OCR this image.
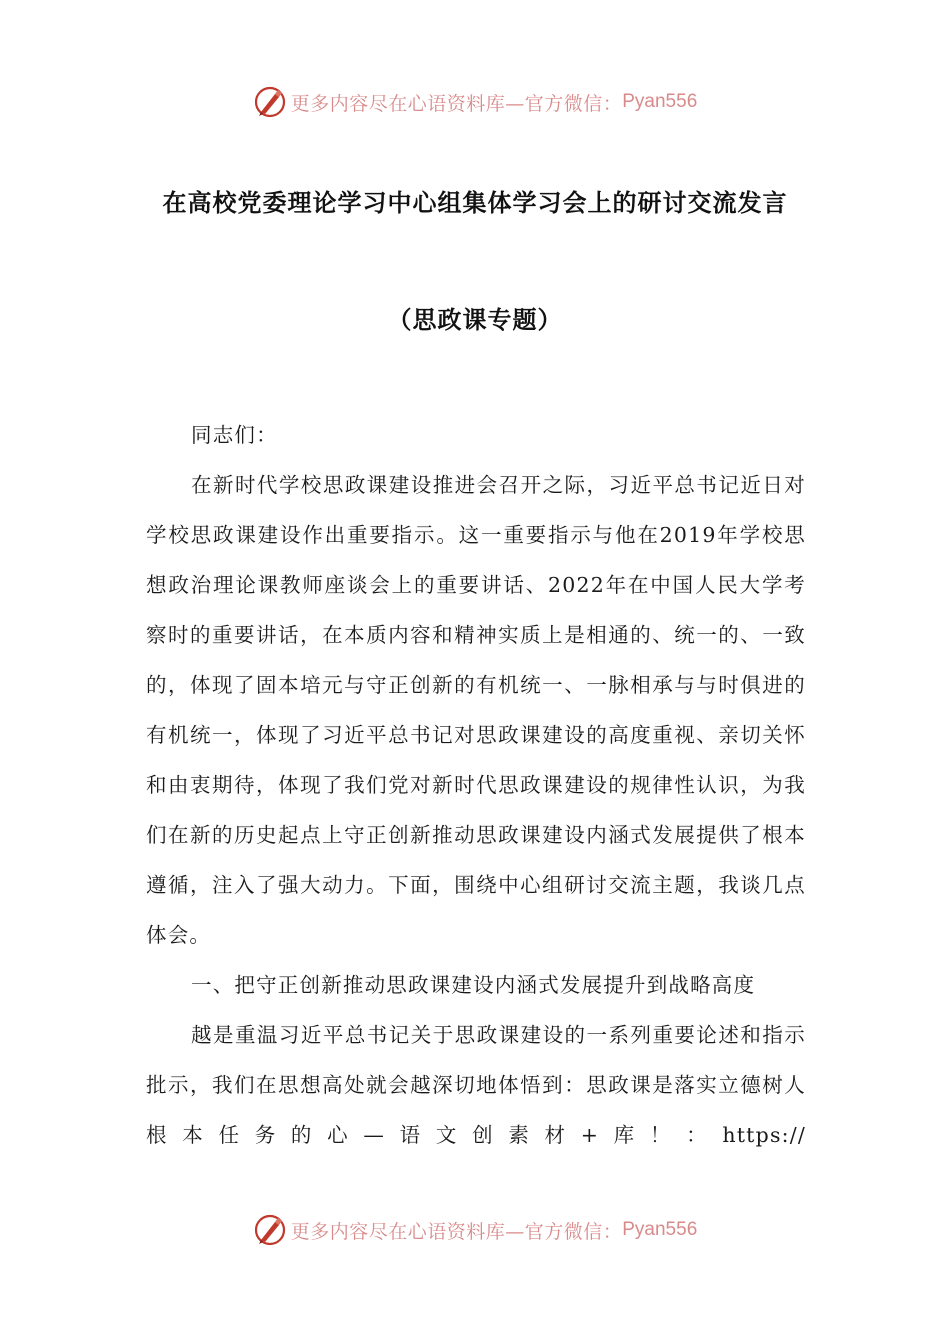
更多内容尽在心语资料库—官方微信： Pyan556
在高校党委理论学习中心组集体学习会上的研讨交流发言
（思政课专题）

同志们：

在新时代学校思政课建设推进会召开之际，习近平总书记近日对学校思政课建设作出重要指示。这一重要指示与他在2019年学校思想政治理论课教师座谈会上的重要讲话、2022年在中国人民大学考察时的重要讲话，在本质内容和精神实质上是相通的、统一的、一致的，体现了固本培元与守正创新的有机统一、一脉相承与与时俱进的有机统一，体现了习近平总书记对思政课建设的高度重视、亲切关怀和由衷期待，体现了我们党对新时代思政课建设的规律性认识，为我们在新的历史起点上守正创新推动思政课建设内涵式发展提供了根本遵循，注入了强大动力。下面，围绕中心组研讨交流主题，我谈几点体会。

一、把守正创新推动思政课建设内涵式发展提升到战略高度

越是重温习近平总书记关于思政课建设的一系列重要论述和指示批示，我们在思想高处就会越深切地体悟到：思政课是落实立德树人根本任务的心—语文创素材+库！：https://

更多内容尽在心语资料库—官方微信： Pyan556
